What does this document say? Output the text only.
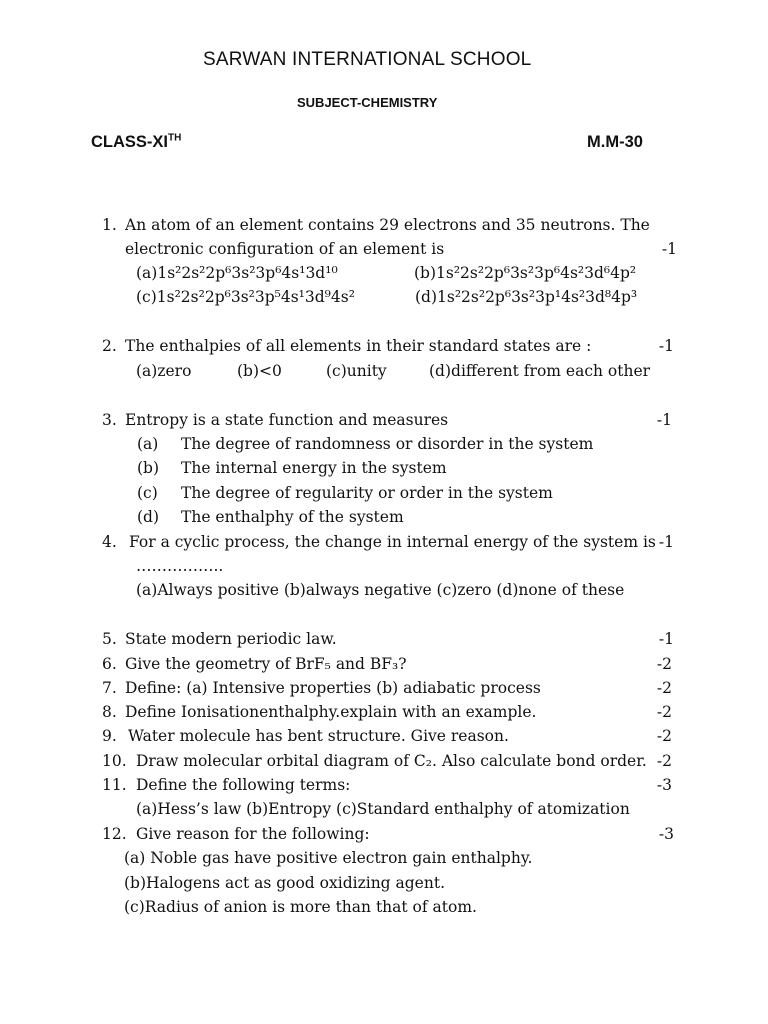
SARWAN INTERNATIONAL SCHOOL
SUBJECT-CHEMISTRY
CLASS-XITH	M.M-30
1. An atom of an element contains 29 electrons and 35 neutrons. The
electronic configuration of an element is	-1
(a)1s²2s²2p⁶3s²3p⁶4s¹3d¹⁰	(b)1s²2s²2p⁶3s²3p⁶4s²3d⁶4p²
(c)1s²2s²2p⁶3s²3p⁵4s¹3d⁹4s²	(d)1s²2s²2p⁶3s²3p¹4s²3d⁸4p³
2. The enthalpies of all elements in their standard states are :	-1
(a)zero	(b)<0	(c)unity	(d)different from each other
3. Entropy is a state function and measures	-1
(a) The degree of randomness or disorder in the system
(b) The internal energy in the system
(c) The degree of regularity or order in the system
(d) The enthalphy of the system
4. For a cyclic process, the change in internal energy of the system is -1
……………..
(a)Always positive (b)always negative (c)zero (d)none of these
5. State modern periodic law.	-1
6. Give the geometry of BrF₅ and BF₃?	-2
7. Define: (a) Intensive properties (b) adiabatic process	-2
8. Define Ionisationenthalphy.explain with an example.	-2
9. Water molecule has bent structure. Give reason.	-2
10. Draw molecular orbital diagram of C₂. Also calculate bond order. -2
11. Define the following terms:	-3
(a)Hess’s law (b)Entropy (c)Standard enthalphy of atomization
12. Give reason for the following:	-3
(a) Noble gas have positive electron gain enthalphy.
(b)Halogens act as good oxidizing agent.
(c)Radius of anion is more than that of atom.
